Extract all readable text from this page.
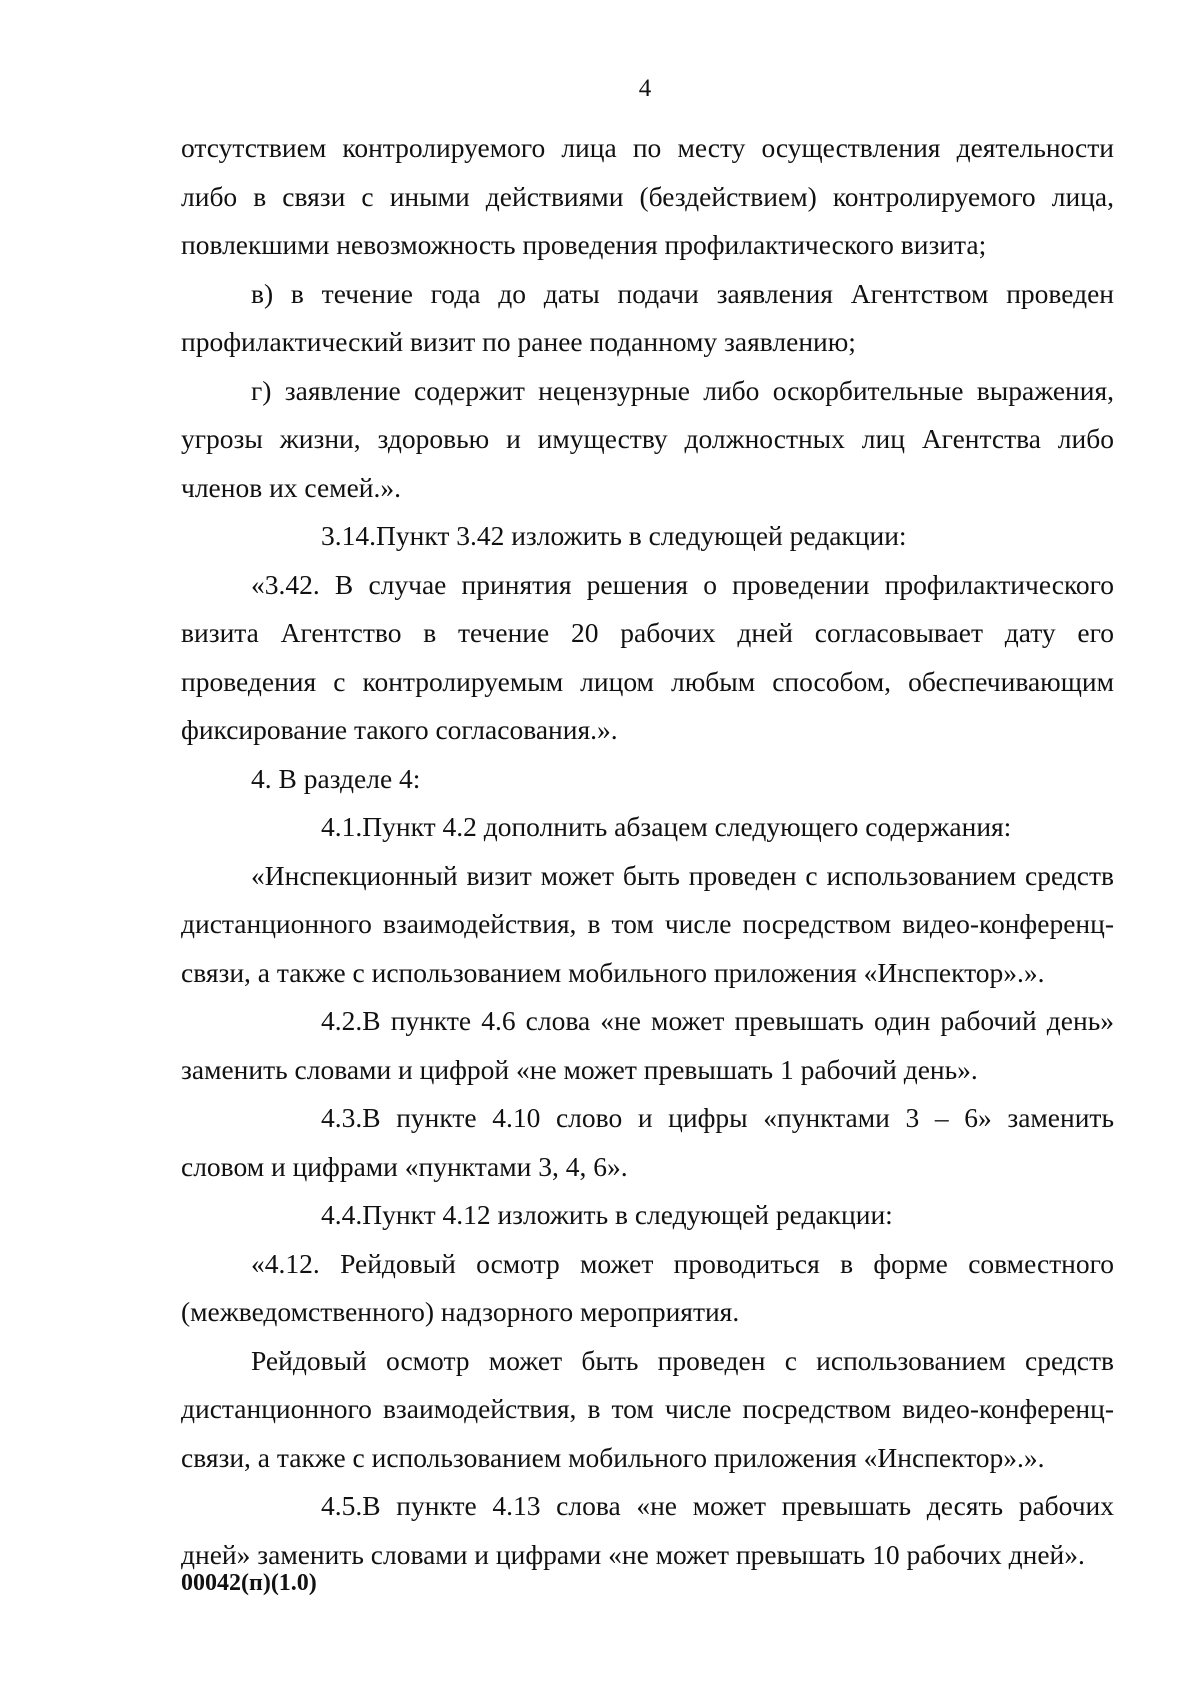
4

отсутствием контролируемого лица по месту осуществления деятельности либо в связи с иными действиями (бездействием) контролируемого лица, повлекшими невозможность проведения профилактического визита;

в) в течение года до даты подачи заявления Агентством проведен профилактический визит по ранее поданному заявлению;

г) заявление содержит нецензурные либо оскорбительные выражения, угрозы жизни, здоровью и имуществу должностных лиц Агентства либо членов их семей.».

3.14.Пункт 3.42 изложить в следующей редакции:

«3.42. В случае принятия решения о проведении профилактического визита Агентство в течение 20 рабочих дней согласовывает дату его проведения с контролируемым лицом любым способом, обеспечивающим фиксирование такого согласования.».

4. В разделе 4:

4.1.Пункт 4.2 дополнить абзацем следующего содержания:

«Инспекционный визит может быть проведен с использованием средств дистанционного взаимодействия, в том числе посредством видео-конференц-связи, а также с использованием мобильного приложения «Инспектор».».

4.2.В пункте 4.6 слова «не может превышать один рабочий день» заменить словами и цифрой «не может превышать 1 рабочий день».

4.3.В пункте 4.10 слово и цифры «пунктами 3 – 6» заменить словом и цифрами «пунктами 3, 4, 6».

4.4.Пункт 4.12 изложить в следующей редакции:

«4.12. Рейдовый осмотр может проводиться в форме совместного (межведомственного) надзорного мероприятия.

Рейдовый осмотр может быть проведен с использованием средств дистанционного взаимодействия, в том числе посредством видео-конференц-связи, а также с использованием мобильного приложения «Инспектор».».

4.5.В пункте 4.13 слова «не может превышать десять рабочих дней» заменить словами и цифрами «не может превышать 10 рабочих дней».

00042(п)(1.0)
